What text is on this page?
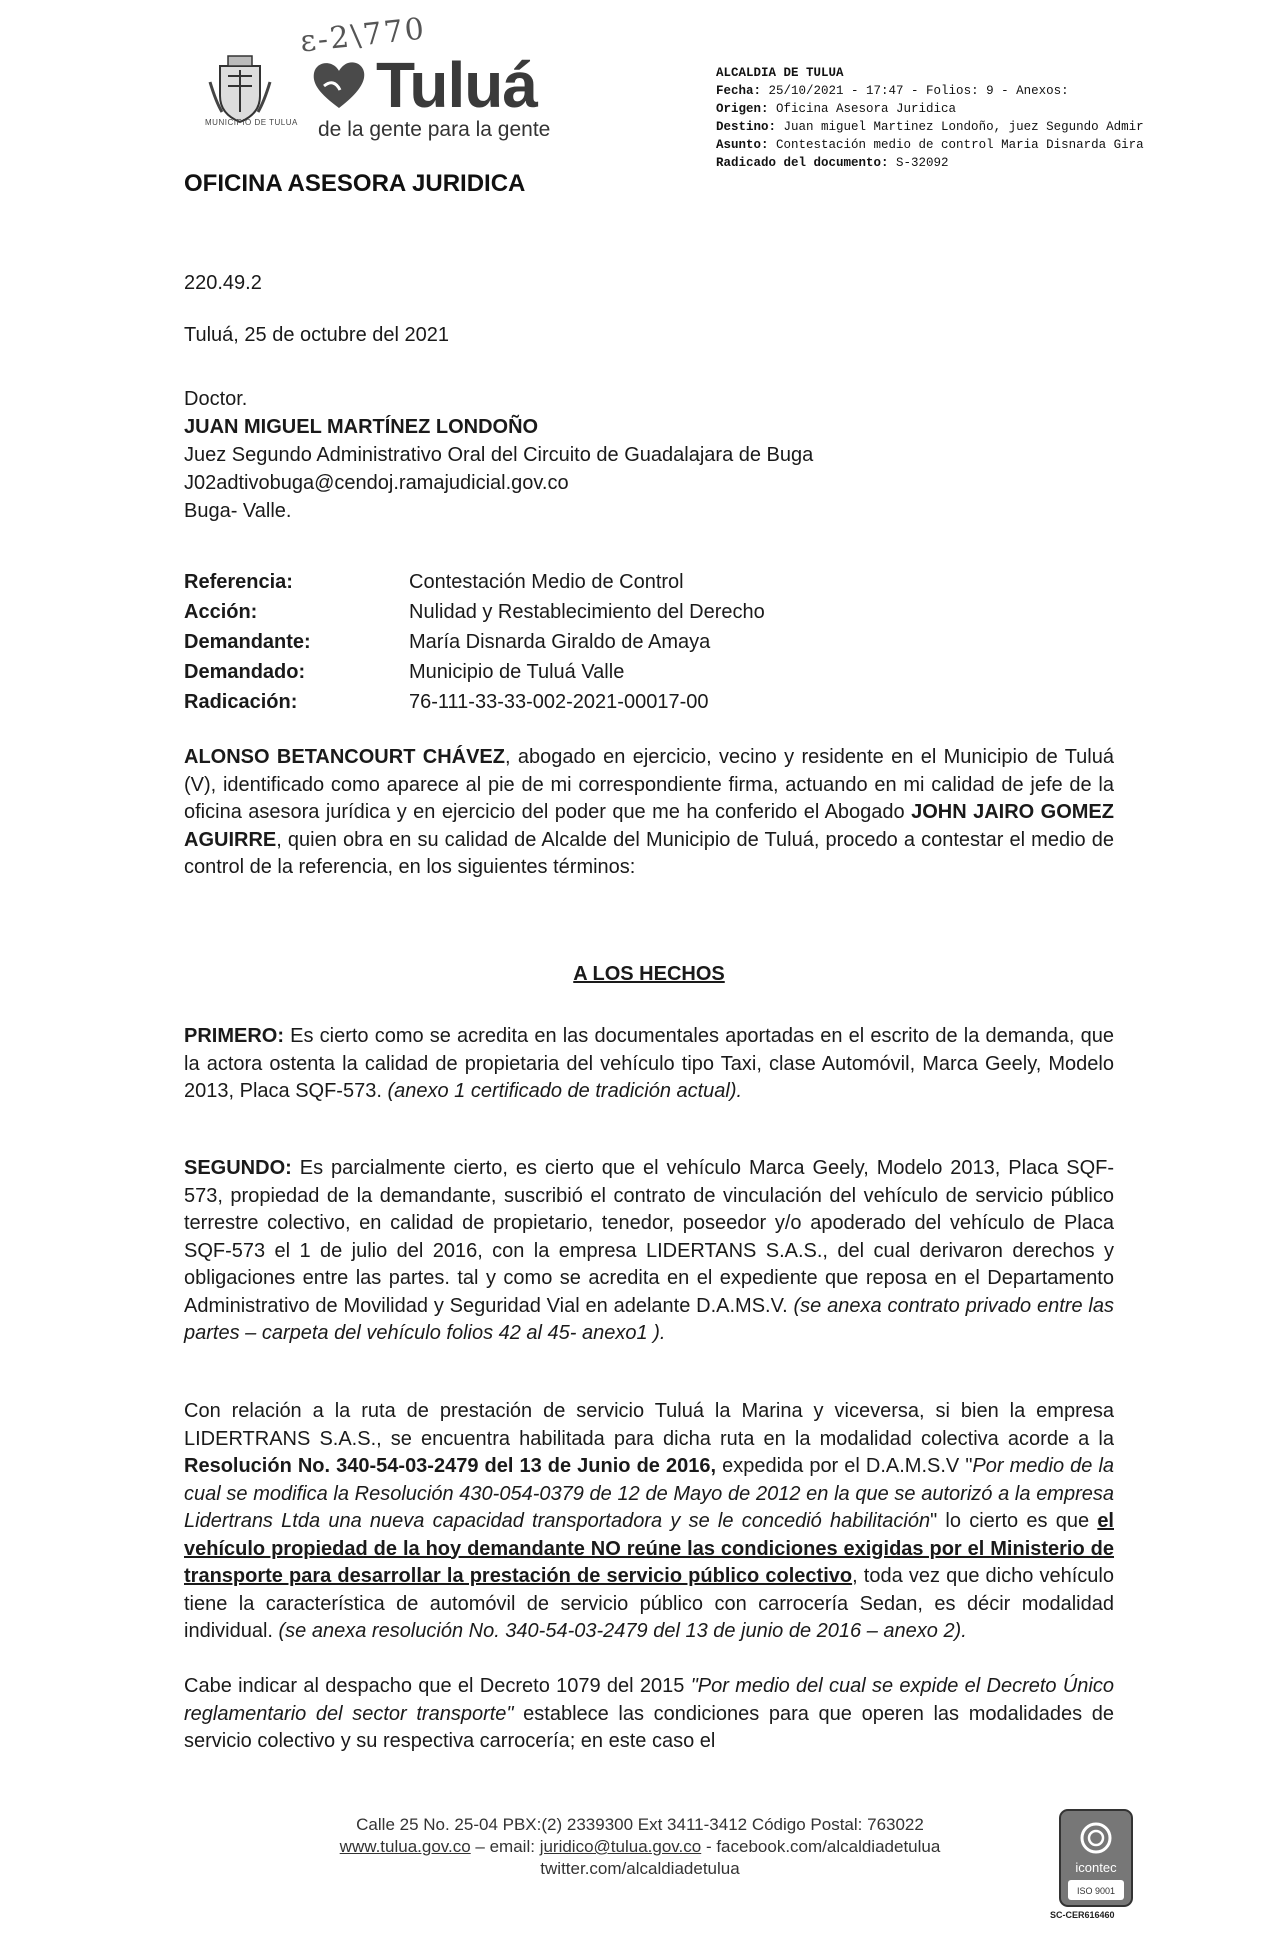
ε-2\770
MUNICIPIO DE TULUA
Tuluá
de la gente para la gente
OFICINA ASESORA JURIDICA
ALCALDIA DE TULUA
Fecha: 25/10/2021 - 17:47 - Folios: 9 - Anexos:
Origen: Oficina Asesora Juridica
Destino: Juan miguel Martinez Londoño, juez Segundo Admir
Asunto: Contestación medio de control Maria Disnarda Gira
Radicado del documento: S-32092
220.49.2
Tuluá, 25 de octubre del 2021
Doctor.
JUAN MIGUEL MARTÍNEZ LONDOÑO
Juez Segundo Administrativo Oral del Circuito de Guadalajara de Buga
J02adtivobuga@cendoj.ramajudicial.gov.co
Buga- Valle.
Referencia:	Contestación Medio de Control
Acción:	Nulidad y Restablecimiento del Derecho
Demandante:	María Disnarda Giraldo de Amaya
Demandado:	Municipio de Tuluá Valle
Radicación:	76-111-33-33-002-2021-00017-00
ALONSO BETANCOURT CHÁVEZ, abogado en ejercicio, vecino y residente en el Municipio de Tuluá (V), identificado como aparece al pie de mi correspondiente firma, actuando en mi calidad de jefe de la oficina asesora jurídica y en ejercicio del poder que me ha conferido el Abogado JOHN JAIRO GOMEZ AGUIRRE, quien obra en su calidad de Alcalde del Municipio de Tuluá, procedo a contestar el medio de control de la referencia, en los siguientes términos:
A LOS HECHOS
PRIMERO: Es cierto como se acredita en las documentales aportadas en el escrito de la demanda, que la actora ostenta la calidad de propietaria del vehículo tipo Taxi, clase Automóvil, Marca Geely, Modelo 2013, Placa SQF-573. (anexo 1 certificado de tradición actual).
SEGUNDO: Es parcialmente cierto, es cierto que el vehículo Marca Geely, Modelo 2013, Placa SQF-573, propiedad de la demandante, suscribió el contrato de vinculación del vehículo de servicio público terrestre colectivo, en calidad de propietario, tenedor, poseedor y/o apoderado del vehículo de Placa SQF-573 el 1 de julio del 2016, con la empresa LIDERTANS S.A.S., del cual derivaron derechos y obligaciones entre las partes. tal y como se acredita en el expediente que reposa en el Departamento Administrativo de Movilidad y Seguridad Vial en adelante D.A.MS.V. (se anexa contrato privado entre las partes – carpeta del vehículo folios 42 al 45- anexo1 ).
Con relación a la ruta de prestación de servicio Tuluá la Marina y viceversa, si bien la empresa LIDERTRANS S.A.S., se encuentra habilitada para dicha ruta en la modalidad colectiva acorde a la Resolución No. 340-54-03-2479 del 13 de Junio de 2016, expedida por el D.A.M.S.V "Por medio de la cual se modifica la Resolución 430-054-0379 de 12 de Mayo de 2012 en la que se autorizó a la empresa Lidertrans Ltda una nueva capacidad transportadora y se le concedió habilitación" lo cierto es que el vehículo propiedad de la hoy demandante NO reúne las condiciones exigidas por el Ministerio de transporte para desarrollar la prestación de servicio público colectivo, toda vez que dicho vehículo tiene la característica de automóvil de servicio público con carrocería Sedan, es décir modalidad individual. (se anexa resolución No. 340-54-03-2479 del 13 de junio de 2016 – anexo 2).
Cabe indicar al despacho que el Decreto 1079 del 2015 "Por medio del cual se expide el Decreto Único reglamentario del sector transporte" establece las condiciones para que operen las modalidades de servicio colectivo y su respectiva carrocería; en este caso el
Calle 25 No. 25-04 PBX:(2) 2339300 Ext 3411-3412 Código Postal: 763022
www.tulua.gov.co – email: juridico@tulua.gov.co - facebook.com/alcaldiadetulua
twitter.com/alcaldiadetulua	icontec
ISO 9001
SC-CER616460
